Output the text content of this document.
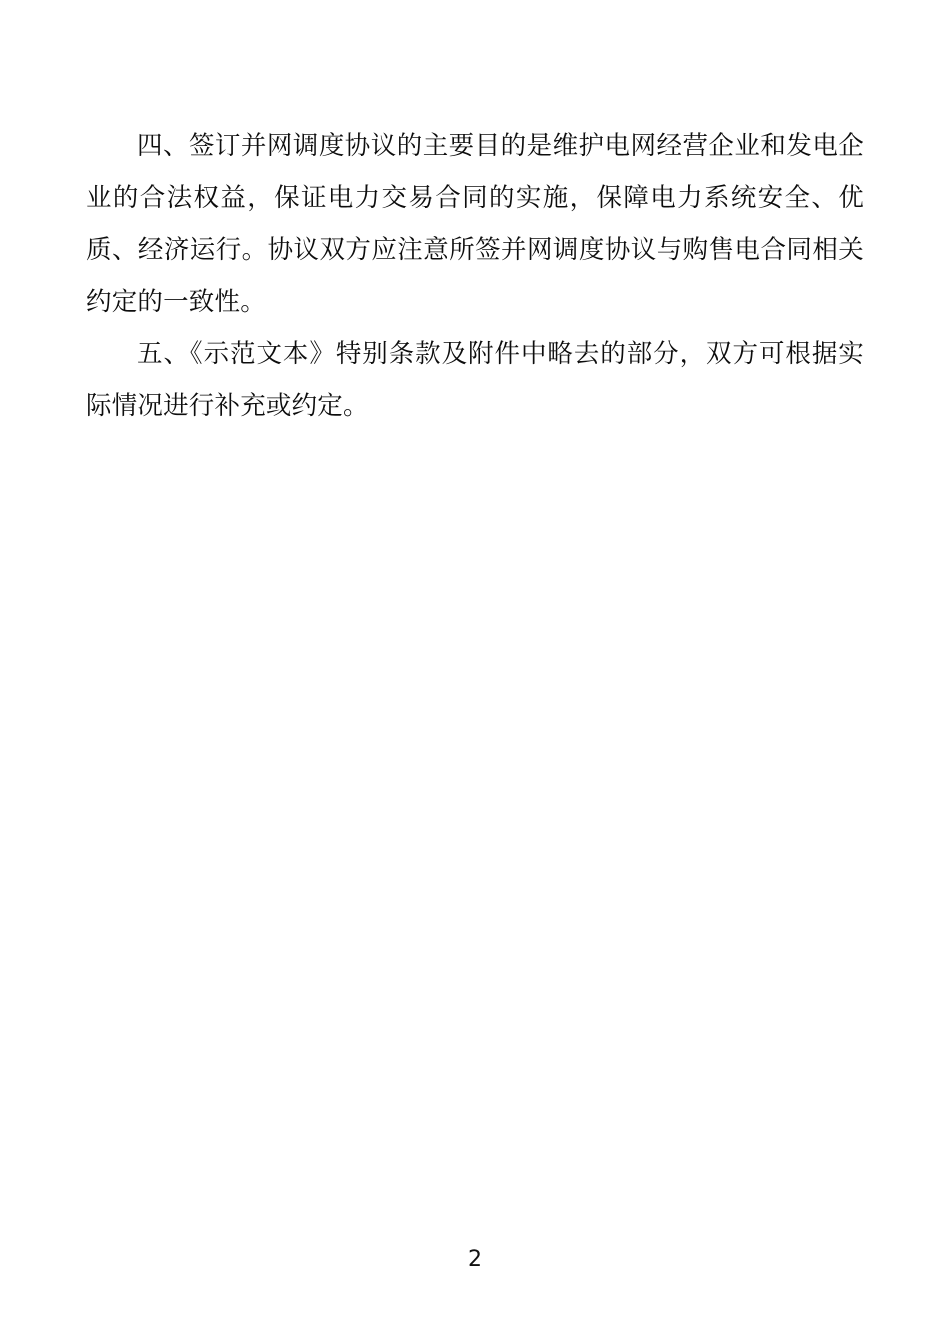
四、签订并网调度协议的主要目的是维护电网经营企业和发电企业的合法权益，保证电力交易合同的实施，保障电力系统安全、优质、经济运行。协议双方应注意所签并网调度协议与购售电合同相关约定的一致性。

五、《示范文本》特别条款及附件中略去的部分，双方可根据实际情况进行补充或约定。

2
